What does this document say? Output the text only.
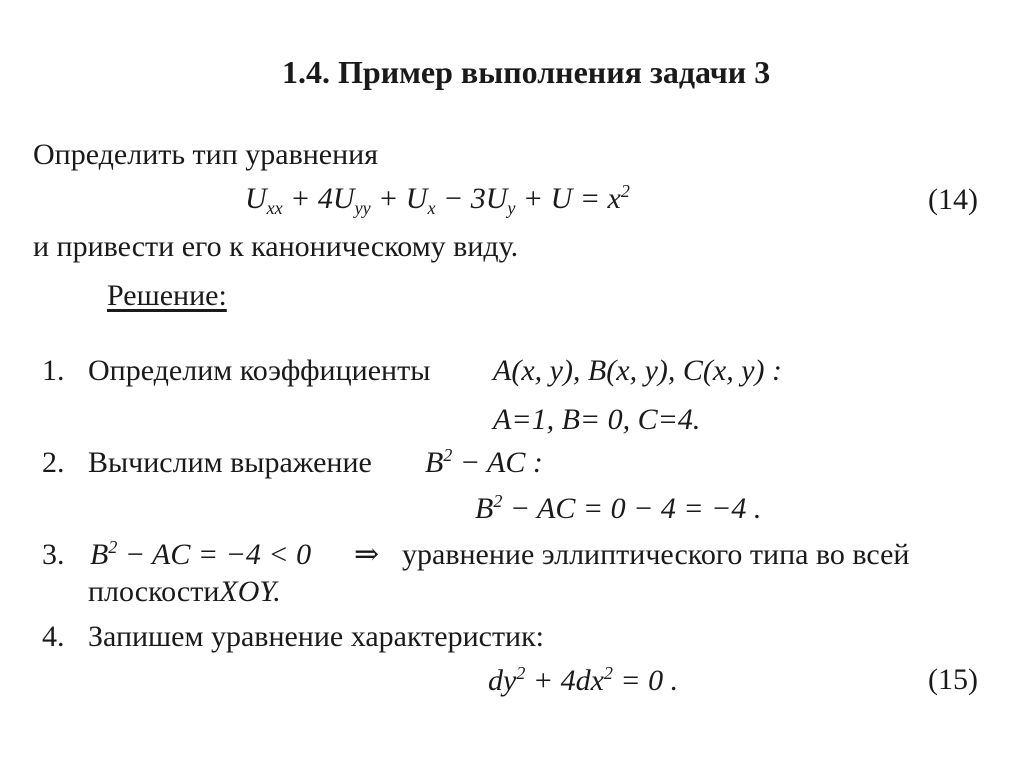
1.4. Пример выполнения задачи 3
Определить тип уравнения
$U_{xx} + 4U_{yy} + U_x - 3U_y + U = x^2$	(14)
и привести его к каноническому виду.
Решение:
1. Определим коэффициенты A(x, y), B(x, y), C(x, y) :
A=1, B= 0, C=4.
2. Вычислим выражение $B^2$ − AC :
$B^2$ − AC = 0 − 4 = −4 .
3. $B^2$ − AC = −4 < 0 ⇒ уравнение эллиптического типа во всей
плоскостиXOY.
4. Запишем уравнение характеристик:
$dy^2 + 4dx^2 = 0$ .	(15)
